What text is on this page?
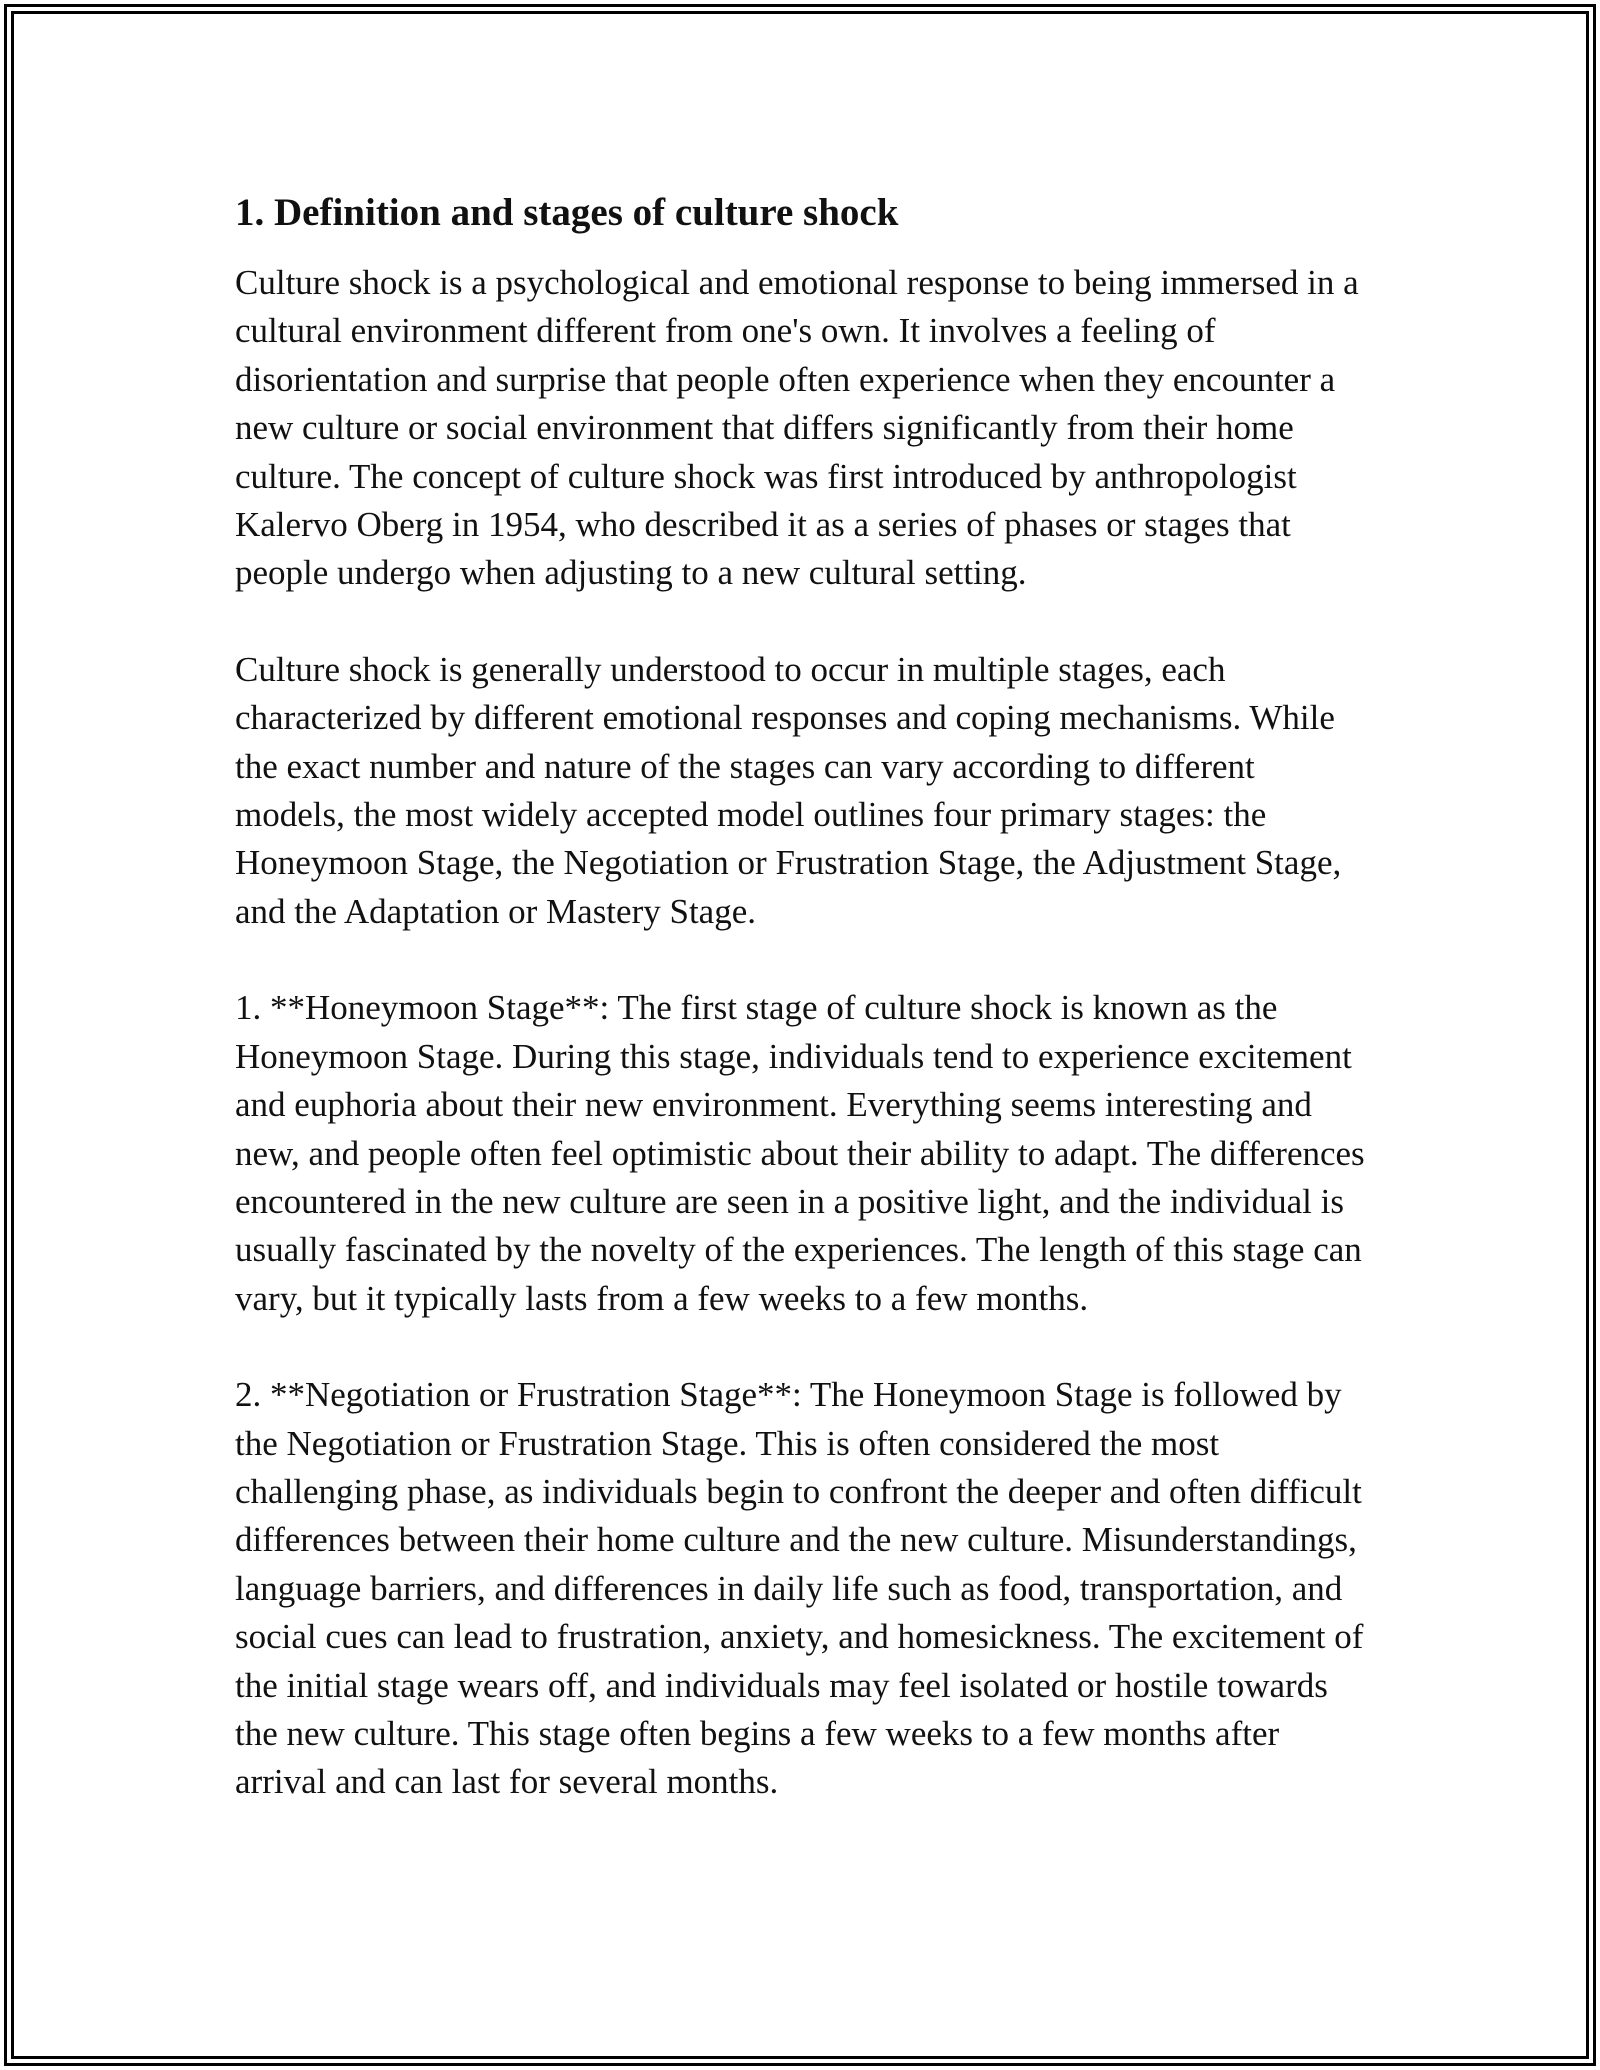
1. Definition and stages of culture shock

Culture shock is a psychological and emotional response to being immersed in a cultural environment different from one's own. It involves a feeling of disorientation and surprise that people often experience when they encounter a new culture or social environment that differs significantly from their home culture. The concept of culture shock was first introduced by anthropologist Kalervo Oberg in 1954, who described it as a series of phases or stages that people undergo when adjusting to a new cultural setting.

Culture shock is generally understood to occur in multiple stages, each characterized by different emotional responses and coping mechanisms. While the exact number and nature of the stages can vary according to different models, the most widely accepted model outlines four primary stages: the Honeymoon Stage, the Negotiation or Frustration Stage, the Adjustment Stage, and the Adaptation or Mastery Stage.

1. **Honeymoon Stage**: The first stage of culture shock is known as the Honeymoon Stage. During this stage, individuals tend to experience excitement and euphoria about their new environment. Everything seems interesting and new, and people often feel optimistic about their ability to adapt. The differences encountered in the new culture are seen in a positive light, and the individual is usually fascinated by the novelty of the experiences. The length of this stage can vary, but it typically lasts from a few weeks to a few months.

2. **Negotiation or Frustration Stage**: The Honeymoon Stage is followed by the Negotiation or Frustration Stage. This is often considered the most challenging phase, as individuals begin to confront the deeper and often difficult differences between their home culture and the new culture. Misunderstandings, language barriers, and differences in daily life such as food, transportation, and social cues can lead to frustration, anxiety, and homesickness. The excitement of the initial stage wears off, and individuals may feel isolated or hostile towards the new culture. This stage often begins a few weeks to a few months after arrival and can last for several months.
